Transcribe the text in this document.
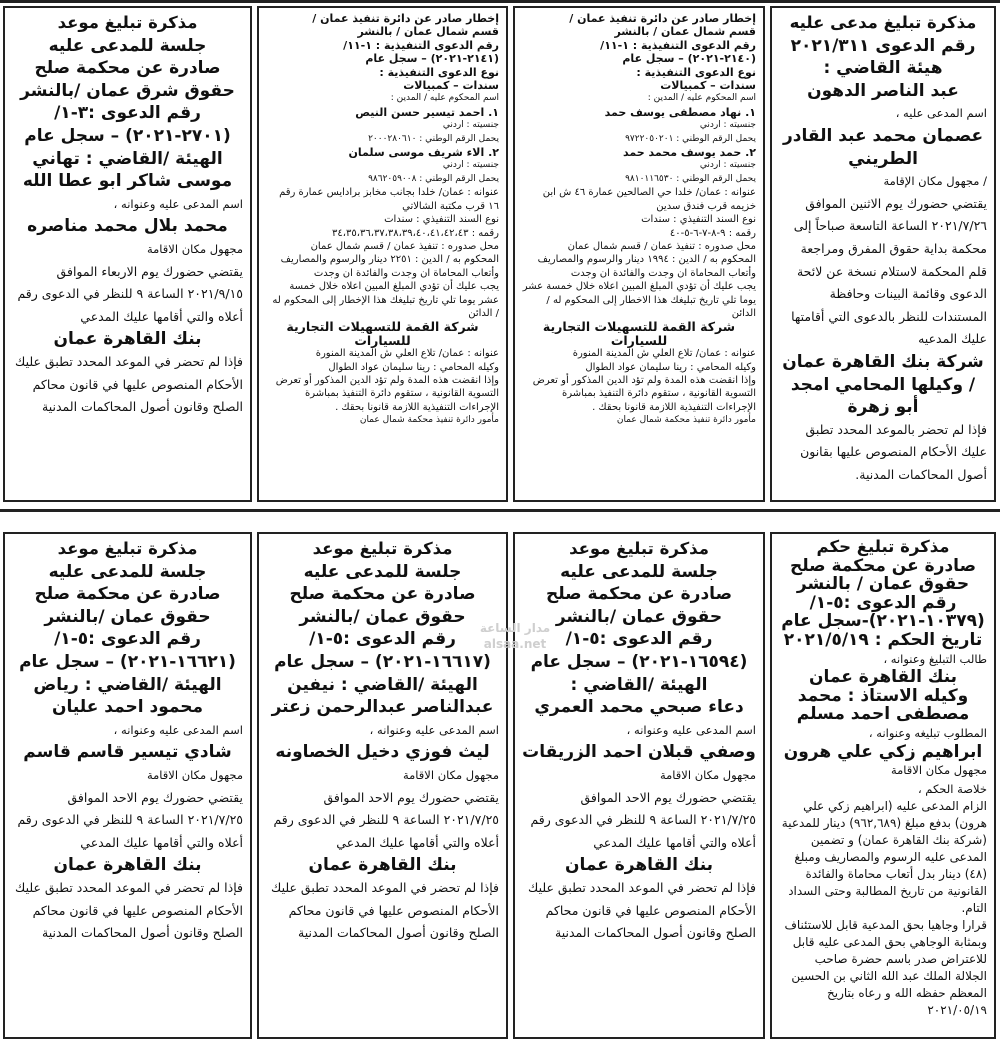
مذكرة تبليغ مدعى عليه
رقم الدعوى ٢٠٢١/٣١١
هيئة القاضي :
عبد الناصر الدهون
اسم المدعى عليه ،
عصمان محمد عبد القادر الطريني
/ مجهول مكان الإقامة
يقتضي حضورك يوم الاثنين الموافق ٢٠٢١/٧/٢٦ الساعة التاسعة صباحاً إلى محكمة بداية حقوق المفرق ومراجعة قلم المحكمة لاستلام نسخة عن لائحة الدعوى وقائمة البينات وحافظة المستندات للنظر بالدعوى التي أقامتها عليك المدعيه
شركة بنك القاهرة عمان / وكيلها المحامي امجد أبو زهرة
فإذا لم تحضر بالموعد المحدد تطبق عليك الأحكام المنصوص عليها بقانون أصول المحاكمات المدنية.
إخطار صادر عن دائرة تنفيذ عمان /
قسم شمال عمان / بالنشر
رقم الدعوى التنفيذية : ١-١١/
(٢١٤٠-٢٠٢١) – سجل عام
نوع الدعوى التنفيذية :
سندات – كمبيالات
اسم المحكوم عليه / المدين :
١. نهاد مصطفى يوسف حمد
جنسيته : اردني
يحمل الرقم الوطني : ٩٧٢٢٠٥٠٢٠١
٢. حمد يوسف محمد حمد
جنسيته : اردني
يحمل الرقم الوطني : ٩٨١٠١١٦٥٣٠
عنوانه : عمان/ خلدا حي الصالحين عمارة ٤٦ ش ابن خزيمه قرب فندق سدين
نوع السند التنفيذي : سندات
رقمه : ٩-٨-٧-٦-٥-٤٠
محل صدوره : تنفيذ عمان / قسم شمال عمان
المحكوم به / الدين : ١٩٩٤ دينار والرسوم والمصاريف وأتعاب المحاماة ان وجدت والفائدة ان وجدت
يجب عليك أن تؤدي المبلغ المبين اعلاه خلال خمسة عشر يوما تلي تاريخ تبليغك هذا الاخطار إلى المحكوم له / الدائن
شركة القمة للتسهيلات التجارية للسيارات
عنوانه : عمان/ تلاع العلي ش المدينة المنورة
وكيله المحامي : رينا سليمان عواد الطوال
وإذا انقضت هذه المدة ولم تؤد الدين المذكور أو تعرض التسوية القانونية ، ستقوم دائرة التنفيذ بمباشرة الإجراءات التنفيذية اللازمة قانونا بحقك .
مأمور دائرة تنفيذ محكمة شمال عمان
إخطار صادر عن دائرة تنفيذ عمان /
قسم شمال عمان / بالنشر
رقم الدعوى التنفيذية : ١-١١/
(٢١٤١-٢٠٢١) – سجل عام
نوع الدعوى التنفيذية :
سندات – كمبيالات
اسم المحكوم عليه / المدين :
١. احمد تيسير حسن النيص
جنسيته : اردني
يحمل الرقم الوطني : ٢٠٠٠٢٨٠٦١٠
٢. الاء شريف موسى سلمان
جنسيته : اردني
يحمل الرقم الوطني : ٩٨٦٢٠٥٩٠٠٨
عنوانه : عمان/ خلدا بجانب مخابز برادايس عمارة رقم ١٦ قرب مكتبة الشالاتي
نوع السند التنفيذي : سندات
رقمه : ٣٤،٣٥،٣٦،٣٧،٣٨،٣٩،٤٠،٤١،٤٢،٤٣
محل صدوره : تنفيذ عمان / قسم شمال عمان
المحكوم به / الدين : ٢٢٥١ دينار والرسوم والمصاريف وأتعاب المحاماة ان وجدت والفائدة ان وجدت
يجب عليك أن تؤدي المبلغ المبين اعلاه خلال خمسة عشر يوما تلي تاريخ تبليغك هذا الإخطار إلى المحكوم له / الدائن
شركة القمة للتسهيلات التجارية للسيارات
عنوانه : عمان/ تلاع العلي ش المدينة المنورة
وكيله المحامي : رينا سليمان عواد الطوال
وإذا انقضت هذه المدة ولم تؤد الدين المذكور أو تعرض التسوية القانونية ، ستقوم دائرة التنفيذ بمباشرة الإجراءات التنفيذية اللازمة قانونا بحقك .
مأمور دائرة تنفيذ محكمة شمال عمان
مذكرة تبليغ موعد
جلسة للمدعى عليه
صادرة عن محكمة صلح
حقوق شرق عمان /بالنشر
رقم الدعوى :٣-١/
(٢٧٠١-٢٠٢١) – سجل عام
الهيئة /القاضي : تهاني
موسى شاكر ابو عطا الله
اسم المدعى عليه وعنوانه ،
محمد بلال محمد مناصره
مجهول مكان الاقامة
يقتضي حضورك يوم الاربعاء الموافق ٢٠٢١/٩/١٥ الساعة ٩ للنظر في الدعوى رقم أعلاه والتي أقامها عليك المدعي
بنك القاهرة عمان
فإذا لم تحضر في الموعد المحدد تطبق عليك الأحكام المنصوص عليها في قانون محاكم الصلح وقانون أصول المحاكمات المدنية
مذكرة تبليغ حكم
صادرة عن محكمة صلح
حقوق عمان / بالنشر
رقم الدعوى :٥-١/
(١٠٣٧٩-٢٠٢١)-سجل عام
تاريخ الحكم : ٢٠٢١/٥/١٩
طالب التبليغ وعنوانه ،
بنك القاهرة عمان
وكيله الاستاذ : محمد مصطفى احمد مسلم
المطلوب تبليغه وعنوانه ،
ابراهيم زكي علي هرون
مجهول مكان الاقامة
خلاصة الحكم ،
الزام المدعى عليه (ابراهيم زكي علي هرون) بدفع مبلغ (٩٦٢,٦٨٩) دينار للمدعية (شركة بنك القاهرة عمان) و تضمين المدعى عليه الرسوم والمصاريف ومبلغ (٤٨) دينار بدل أتعاب محاماة والفائدة القانونية من تاريخ المطالبة وحتى السداد التام.
قرارا وجاهيا بحق المدعية قابل للاستئناف وبمثابة الوجاهي بحق المدعى عليه قابل للاعتراض صدر باسم حضرة صاحب الجلالة الملك عبد الله الثاني بن الحسين المعظم حفظه الله و رعاه بتاريخ ٢٠٢١/٠٥/١٩
مذكرة تبليغ موعد
جلسة للمدعى عليه
صادرة عن محكمة صلح
حقوق عمان /بالنشر
رقم الدعوى :٥-١/
(١٦٥٩٤-٢٠٢١) – سجل عام
الهيئة /القاضي :
دعاء صبحي محمد العمري
اسم المدعى عليه وعنوانه ،
وصفي قبلان احمد الزريقات
مجهول مكان الاقامة
يقتضي حضورك يوم الاحد الموافق ٢٠٢١/٧/٢٥ الساعة ٩ للنظر في الدعوى رقم أعلاه والتي أقامها عليك المدعي
بنك القاهرة عمان
فإذا لم تحضر في الموعد المحدد تطبق عليك الأحكام المنصوص عليها في قانون محاكم الصلح وقانون أصول المحاكمات المدنية
مذكرة تبليغ موعد
جلسة للمدعى عليه
صادرة عن محكمة صلح
حقوق عمان /بالنشر
رقم الدعوى :٥-١/
(١٦٦١٧-٢٠٢١) – سجل عام
الهيئة /القاضي : نيفين
عبدالناصر عبدالرحمن زعتر
اسم المدعى عليه وعنوانه ،
ليث فوزي دخيل الخصاونه
مجهول مكان الاقامة
يقتضي حضورك يوم الاحد الموافق ٢٠٢١/٧/٢٥ الساعة ٩ للنظر في الدعوى رقم أعلاه والتي أقامها عليك المدعي
بنك القاهرة عمان
فإذا لم تحضر في الموعد المحدد تطبق عليك الأحكام المنصوص عليها في قانون محاكم الصلح وقانون أصول المحاكمات المدنية
مذكرة تبليغ موعد
جلسة للمدعى عليه
صادرة عن محكمة صلح
حقوق عمان /بالنشر
رقم الدعوى :٥-١/
(١٦٦٢١-٢٠٢١) – سجل عام
الهيئة /القاضي : رياض
محمود احمد عليان
اسم المدعى عليه وعنوانه ،
شادي تيسير قاسم قاسم
مجهول مكان الاقامة
يقتضي حضورك يوم الاحد الموافق ٢٠٢١/٧/٢٥ الساعة ٩ للنظر في الدعوى رقم أعلاه والتي أقامها عليك المدعي
بنك القاهرة عمان
فإذا لم تحضر في الموعد المحدد تطبق عليك الأحكام المنصوص عليها في قانون محاكم الصلح وقانون أصول المحاكمات المدنية
مدار الساعة
alsaa.net
